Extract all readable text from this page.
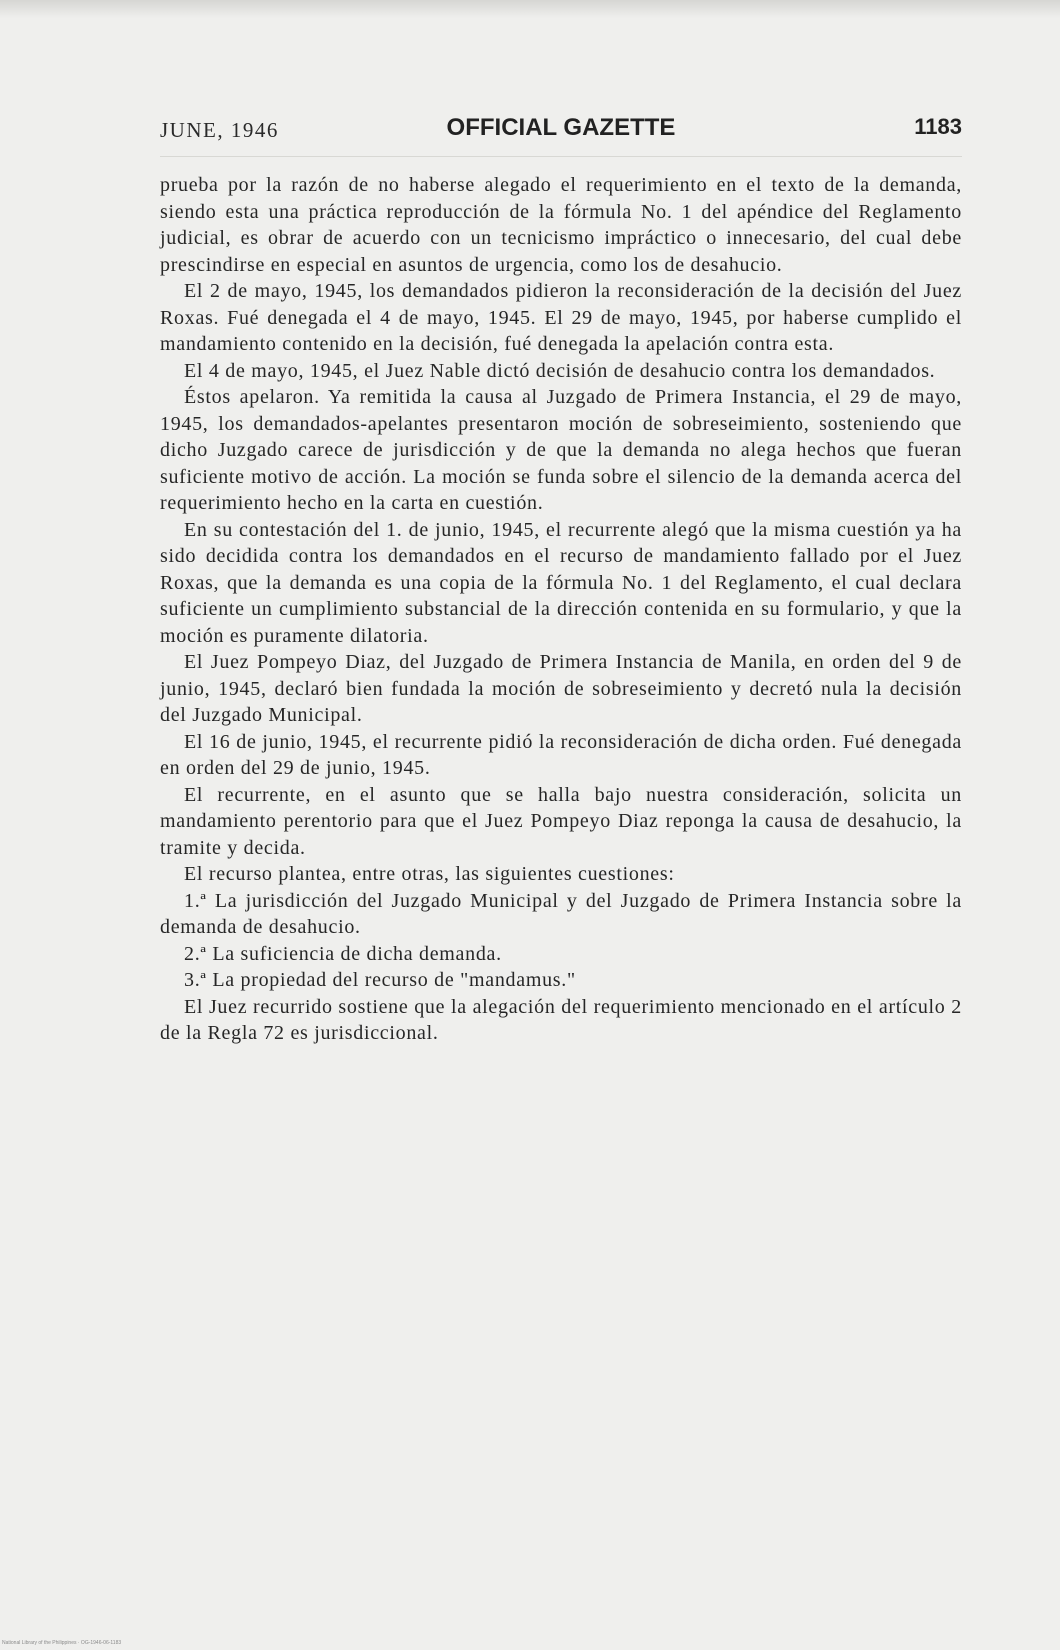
JUNE, 1946	OFFICIAL GAZETTE	1183

prueba por la razón de no haberse alegado el requerimiento en el texto de la demanda, siendo esta una práctica reproducción de la fórmula No. 1 del apéndice del Reglamento judicial, es obrar de acuerdo con un tecnicismo impráctico o innecesario, del cual debe prescindirse en especial en asuntos de urgencia, como los de desahucio.

El 2 de mayo, 1945, los demandados pidieron la reconsideración de la decisión del Juez Roxas. Fué denegada el 4 de mayo, 1945. El 29 de mayo, 1945, por haberse cumplido el mandamiento contenido en la decisión, fué denegada la apelación contra esta.

El 4 de mayo, 1945, el Juez Nable dictó decisión de desahucio contra los demandados.

Éstos apelaron. Ya remitida la causa al Juzgado de Primera Instancia, el 29 de mayo, 1945, los demandados-apelantes presentaron moción de sobreseimiento, sosteniendo que dicho Juzgado carece de jurisdicción y de que la demanda no alega hechos que fueran suficiente motivo de acción. La moción se funda sobre el silencio de la demanda acerca del requerimiento hecho en la carta en cuestión.

En su contestación del 1. de junio, 1945, el recurrente alegó que la misma cuestión ya ha sido decidida contra los demandados en el recurso de mandamiento fallado por el Juez Roxas, que la demanda es una copia de la fórmula No. 1 del Reglamento, el cual declara suficiente un cumplimiento substancial de la dirección contenida en su formulario, y que la moción es puramente dilatoria.

El Juez Pompeyo Diaz, del Juzgado de Primera Instancia de Manila, en orden del 9 de junio, 1945, declaró bien fundada la moción de sobreseimiento y decretó nula la decisión del Juzgado Municipal.

El 16 de junio, 1945, el recurrente pidió la reconsideración de dicha orden. Fué denegada en orden del 29 de junio, 1945.

El recurrente, en el asunto que se halla bajo nuestra consideración, solicita un mandamiento perentorio para que el Juez Pompeyo Diaz reponga la causa de desahucio, la tramite y decida.

El recurso plantea, entre otras, las siguientes cuestiones:

1.ª La jurisdicción del Juzgado Municipal y del Juzgado de Primera Instancia sobre la demanda de desahucio.

2.ª La suficiencia de dicha demanda.

3.ª La propiedad del recurso de "mandamus."

El Juez recurrido sostiene que la alegación del requerimiento mencionado en el artículo 2 de la Regla 72 es jurisdiccional.

National Library of the Philippines · OG-1946-06-1183
